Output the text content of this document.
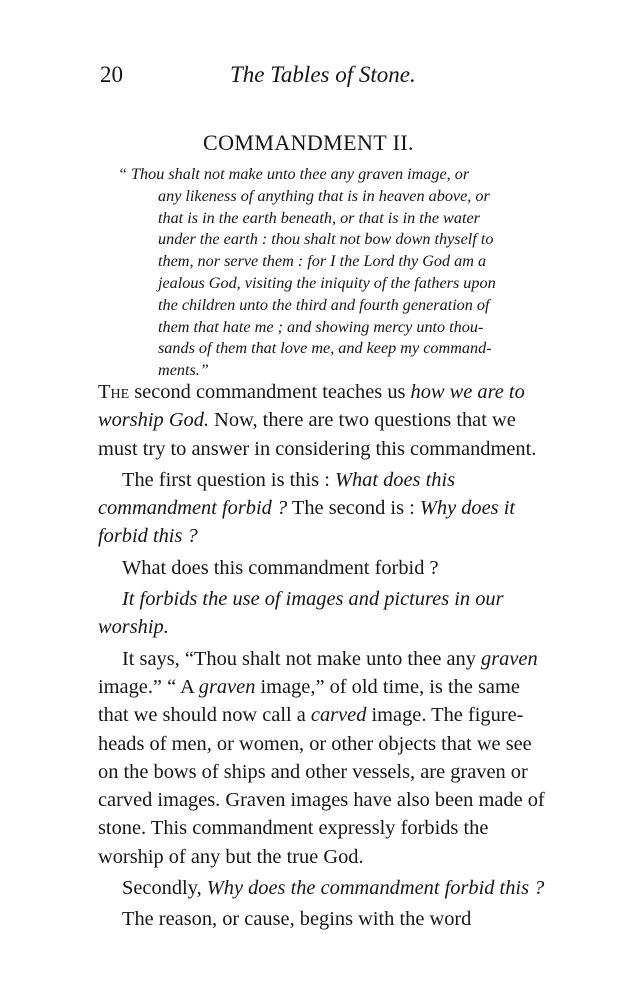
20	The Tables of Stone.
COMMANDMENT II.
“ Thou shalt not make unto thee any graven image, or
any likeness of anything that is in heaven above, or
that is in the earth beneath, or that is in the water
under the earth : thou shalt not bow down thyself to
them, nor serve them : for I the Lord thy God am a
jealous God, visiting the iniquity of the fathers upon
the children unto the third and fourth generation of
them that hate me ; and showing mercy unto thou-
sands of them that love me, and keep my command-
ments.”

The second commandment teaches us how we are to worship God. Now, there are two questions that we must try to answer in considering this commandment.

The first question is this : What does this commandment forbid ? The second is : Why does it forbid this ?

What does this commandment forbid ?

It forbids the use of images and pictures in our worship.

It says, “Thou shalt not make unto thee any graven image.” “ A graven image,” of old time, is the same that we should now call a carved image. The figure-heads of men, or women, or other objects that we see on the bows of ships and other vessels, are graven or carved images. Graven images have also been made of stone. This commandment expressly forbids the worship of any but the true God.

Secondly, Why does the commandment forbid this ?

The reason, or cause, begins with the word
